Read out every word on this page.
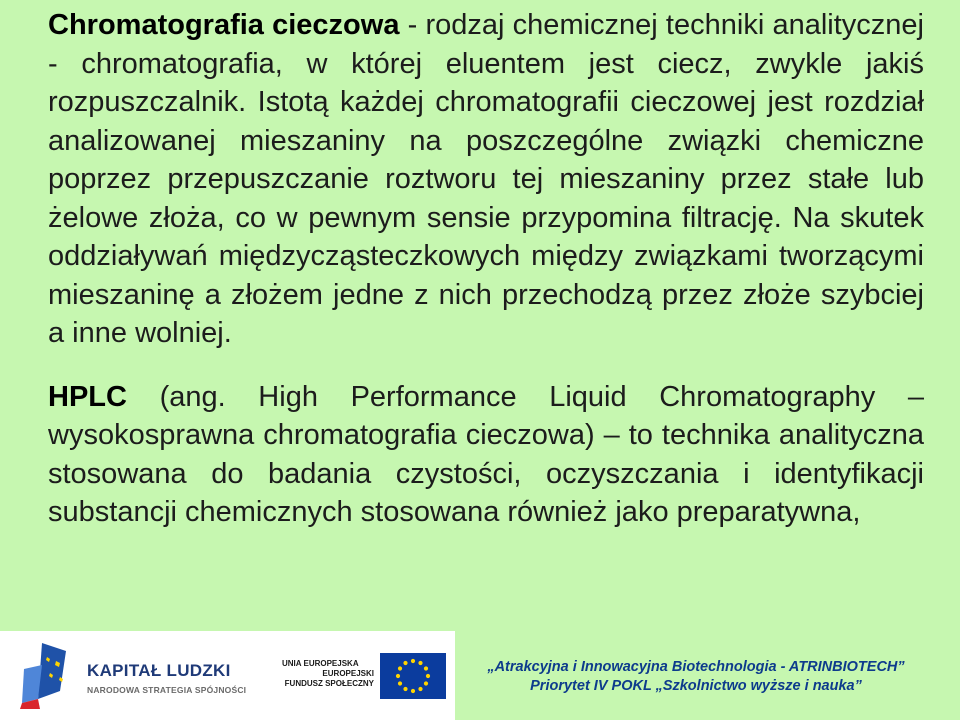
Chromatografia cieczowa - rodzaj chemicznej techniki analitycznej - chromatografia, w której eluentem jest ciecz, zwykle jakiś rozpuszczalnik. Istotą każdej chromatografii cieczowej jest rozdział analizowanej mieszaniny na poszczególne związki chemiczne poprzez przepuszczanie roztworu tej mieszaniny przez stałe lub żelowe złoża, co w pewnym sensie przypomina filtrację. Na skutek oddziaływań międzycząsteczkowych między związkami tworzącymi mieszaninę a złożem jedne z nich przechodzą przez złoże szybciej a inne wolniej.

HPLC (ang. High Performance Liquid Chromatography – wysokosprawna chromatografia cieczowa) – to technika analityczna stosowana do badania czystości, oczyszczania i identyfikacji substancji chemicznych stosowana również jako preparatywna,

KAPITAŁ LUDZKI
NARODOWA STRATEGIA SPÓJNOŚCI
UNIA EUROPEJSKA
EUROPEJSKI
FUNDUSZ SPOŁECZNY
„Atrakcyjna i Innowacyjna Biotechnologia - ATRINBIOTECH”
Priorytet IV POKL „Szkolnictwo wyższe i nauka”
